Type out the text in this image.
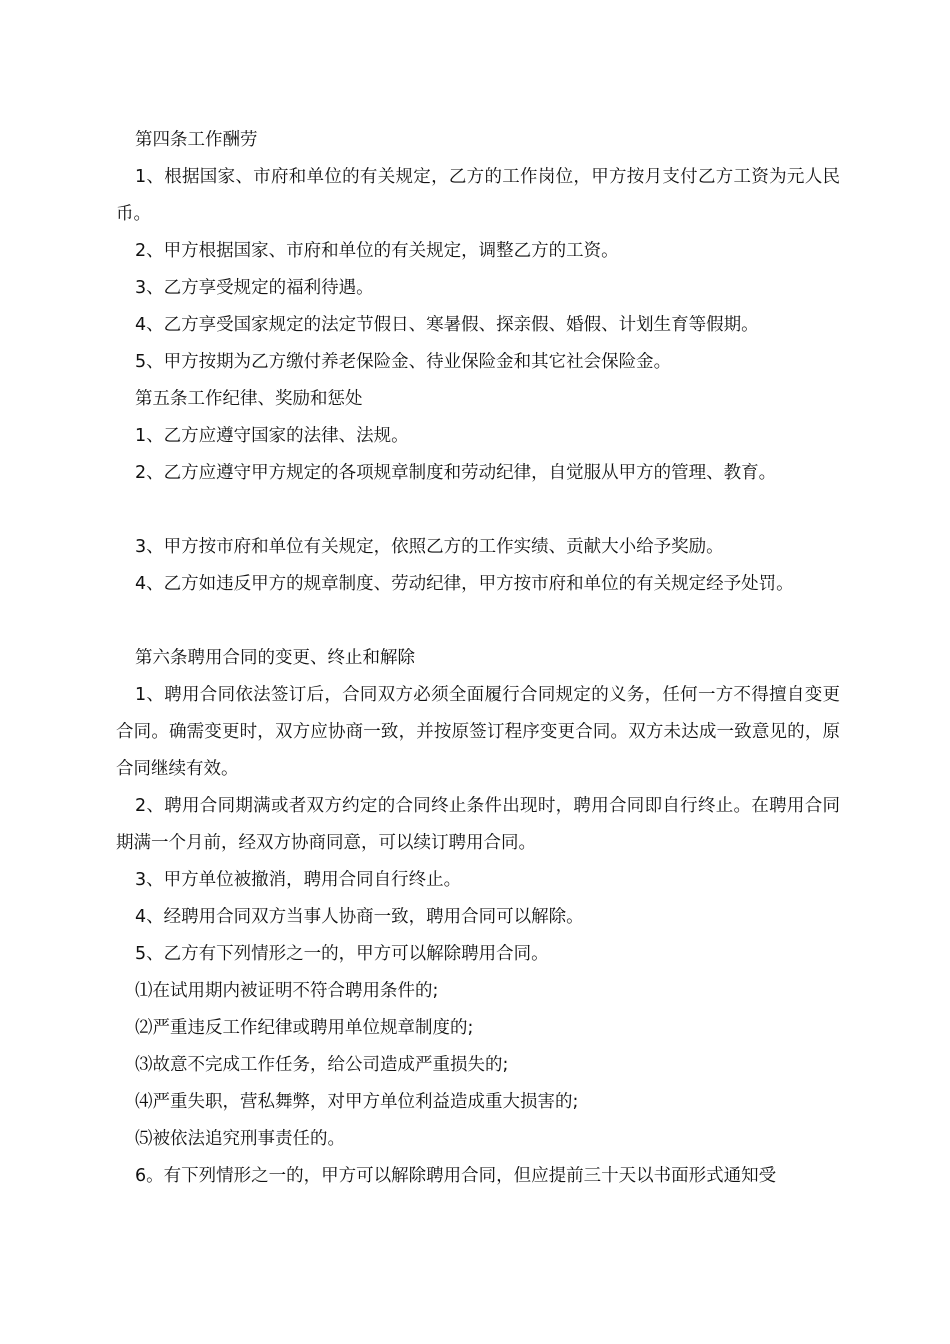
第四条工作酬劳

1、根据国家、市府和单位的有关规定，乙方的工作岗位，甲方按月支付乙方工资为元人民币。

2、甲方根据国家、市府和单位的有关规定，调整乙方的工资。

3、乙方享受规定的福利待遇。

4、乙方享受国家规定的法定节假日、寒暑假、探亲假、婚假、计划生育等假期。

5、甲方按期为乙方缴付养老保险金、待业保险金和其它社会保险金。

第五条工作纪律、奖励和惩处

1、乙方应遵守国家的法律、法规。

2、乙方应遵守甲方规定的各项规章制度和劳动纪律，自觉服从甲方的管理、教育。

3、甲方按市府和单位有关规定，依照乙方的工作实绩、贡献大小给予奖励。

4、乙方如违反甲方的规章制度、劳动纪律，甲方按市府和单位的有关规定经予处罚。

第六条聘用合同的变更、终止和解除

1、聘用合同依法签订后，合同双方必须全面履行合同规定的义务，任何一方不得擅自变更合同。确需变更时，双方应协商一致，并按原签订程序变更合同。双方未达成一致意见的，原合同继续有效。

2、聘用合同期满或者双方约定的合同终止条件出现时，聘用合同即自行终止。在聘用合同期满一个月前，经双方协商同意，可以续订聘用合同。

3、甲方单位被撤消，聘用合同自行终止。

4、经聘用合同双方当事人协商一致，聘用合同可以解除。

5、乙方有下列情形之一的，甲方可以解除聘用合同。

⑴在试用期内被证明不符合聘用条件的;

⑵严重违反工作纪律或聘用单位规章制度的;

⑶故意不完成工作任务，给公司造成严重损失的;

⑷严重失职，营私舞弊，对甲方单位利益造成重大损害的;

⑸被依法追究刑事责任的。

6。有下列情形之一的，甲方可以解除聘用合同，但应提前三十天以书面形式通知受
